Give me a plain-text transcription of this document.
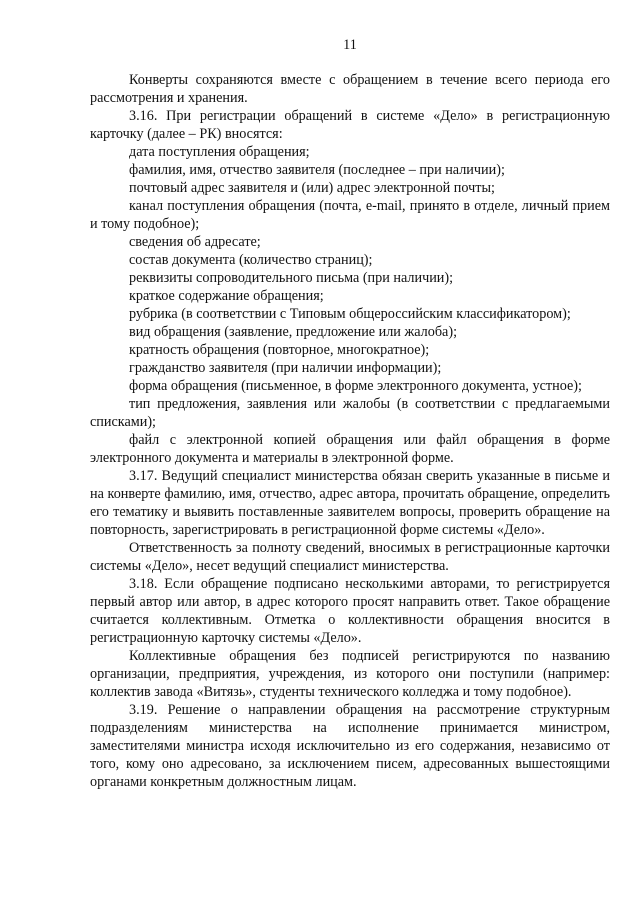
11

Конверты сохраняются вместе с обращением в течение всего периода его рассмотрения и хранения.

3.16. При регистрации обращений в системе «Дело» в регистрационную карточку (далее – РК) вносятся:

дата поступления обращения;

фамилия, имя, отчество заявителя (последнее – при наличии);

почтовый адрес заявителя и (или) адрес электронной почты;

канал поступления обращения (почта, e-mail, принято в отделе, личный прием и тому подобное);

сведения об адресате;

состав документа (количество страниц);

реквизиты сопроводительного письма (при наличии);

краткое содержание обращения;

рубрика (в соответствии с Типовым общероссийским классификатором);

вид обращения (заявление, предложение или жалоба);

кратность обращения (повторное, многократное);

гражданство заявителя (при наличии информации);

форма обращения (письменное, в форме электронного документа, устное);

тип предложения, заявления или жалобы (в соответствии с предлагаемыми списками);

файл с электронной копией обращения или файл обращения в форме электронного документа и материалы в электронной форме.

3.17. Ведущий специалист министерства обязан сверить указанные в письме и на конверте фамилию, имя, отчество, адрес автора, прочитать обращение, определить его тематику и выявить поставленные заявителем вопросы, проверить обращение на повторность, зарегистрировать в регистрационной форме системы «Дело».

Ответственность за полноту сведений, вносимых в регистрационные карточки системы «Дело», несет ведущий специалист министерства.

3.18. Если обращение подписано несколькими авторами, то регистрируется первый автор или автор, в адрес которого просят направить ответ. Такое обращение считается коллективным. Отметка о коллективности обращения вносится в регистрационную карточку системы «Дело».

Коллективные обращения без подписей регистрируются по названию организации, предприятия, учреждения, из которого они поступили (например: коллектив завода «Витязь», студенты технического колледжа и тому подобное).

3.19. Решение о направлении обращения на рассмотрение структурным подразделениям министерства на исполнение принимается министром, заместителями министра исходя исключительно из его содержания, независимо от того, кому оно адресовано, за исключением писем, адресованных вышестоящими органами конкретным должностным лицам.
